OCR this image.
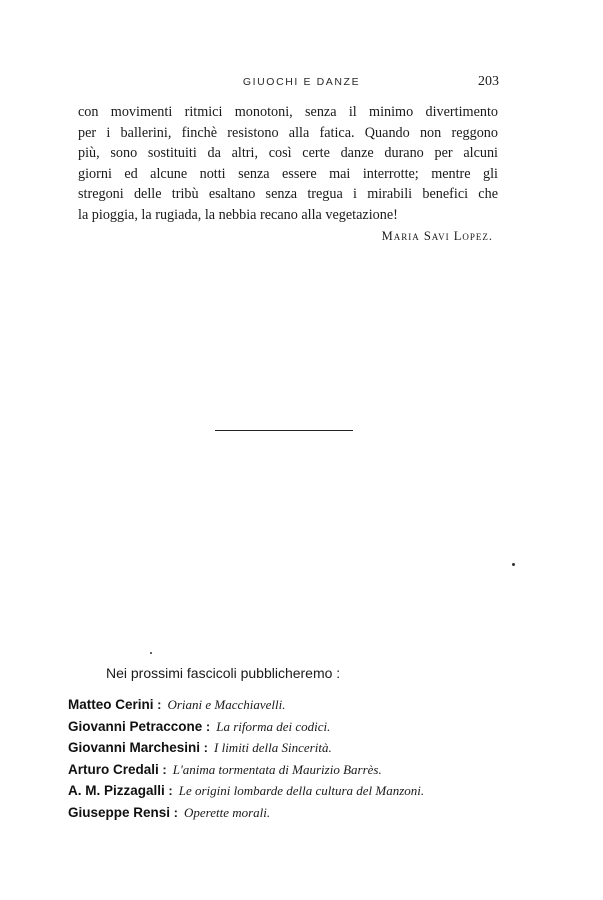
GIUOCHI E DANZE	203
con movimenti ritmici monotoni, senza il minimo divertimento
per i ballerini, finchè resistono alla fatica. Quando non reggono
più, sono sostituiti da altri, così certe danze durano per alcuni
giorni ed alcune notti senza essere mai interrotte; mentre gli
stregoni delle tribù esaltano senza tregua i mirabili benefici che
la pioggia, la rugiada, la nebbia recano alla vegetazione!
Maria Savi Lopez.
Nei prossimi fascicoli pubblicheremo :
Matteo Cerini : Oriani e Macchiavelli.
Giovanni Petraccone : La riforma dei codici.
Giovanni Marchesini : I limiti della Sincerità.
Arturo Credali : L'anima tormentata di Maurizio Barrès.
A. M. Pizzagalli : Le origini lombarde della cultura del Manzoni.
Giuseppe Rensi : Operette morali.
